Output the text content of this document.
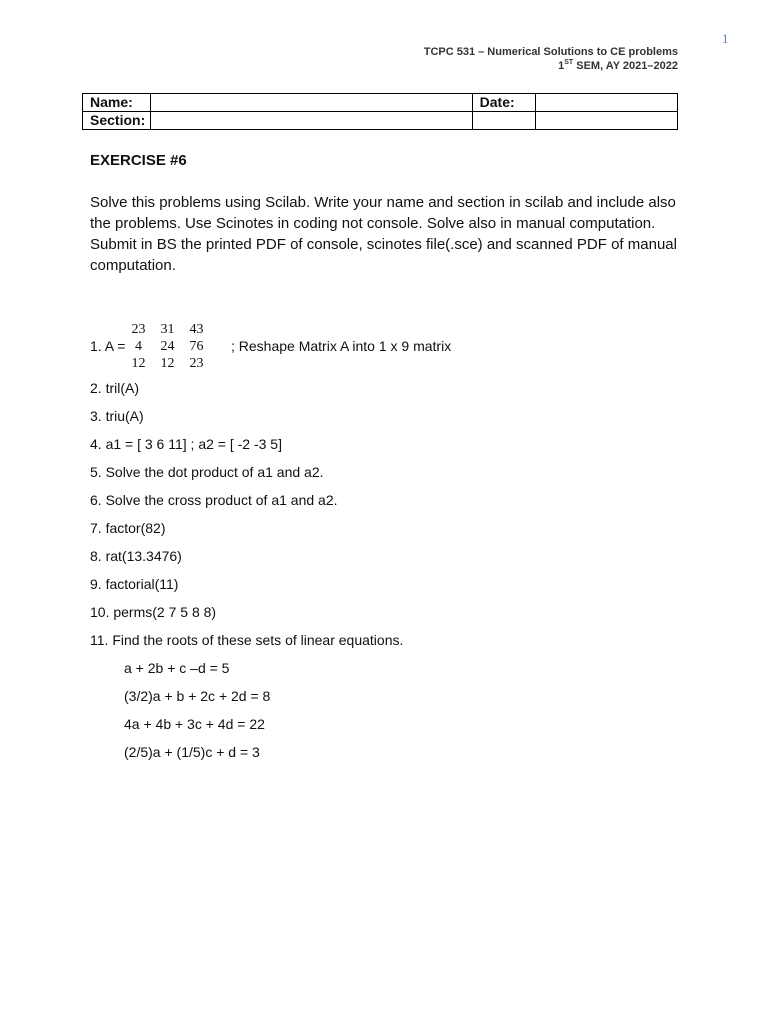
1
TCPC 531 – Numerical Solutions to CE problems
1ST SEM, AY 2021–2022
Name:		Date:	
Section:			
EXERCISE #6
Solve this problems using Scilab. Write your name and section in scilab and include also the problems. Use Scinotes in coding not console. Solve also in manual computation. Submit in BS the printed PDF of console, scinotes file(.sce) and scanned PDF of manual computation.
1. A =
23	31	43
4	24	76
12	12	23
; Reshape Matrix A into 1 x 9 matrix
2. tril(A)
3. triu(A)
4. a1 = [ 3 6 11] ; a2 = [ -2 -3 5]
5. Solve the dot product of a1 and a2.
6. Solve the cross product of a1 and a2.
7. factor(82)
8. rat(13.3476)
9. factorial(11)
10. perms(2 7 5 8 8)
11. Find the roots of these sets of linear equations.
a + 2b + c –d = 5
(3/2)a + b + 2c + 2d = 8
4a + 4b + 3c + 4d = 22
(2/5)a + (1/5)c + d = 3
